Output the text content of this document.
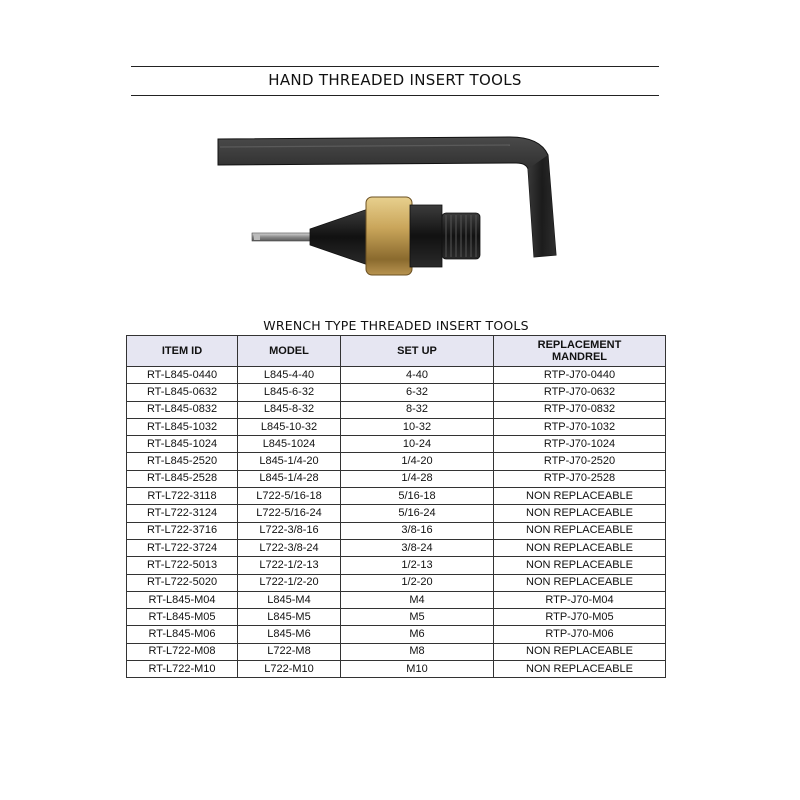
HAND THREADED INSERT TOOLS
WRENCH TYPE THREADED INSERT TOOLS
ITEM ID	MODEL	SET UP	REPLACEMENT
MANDREL

RT-L845-0440	L845-4-40	4-40	RTP-J70-0440
RT-L845-0632	L845-6-32	6-32	RTP-J70-0632
RT-L845-0832	L845-8-32	8-32	RTP-J70-0832
RT-L845-1032	L845-10-32	10-32	RTP-J70-1032
RT-L845-1024	L845-1024	10-24	RTP-J70-1024
RT-L845-2520	L845-1/4-20	1/4-20	RTP-J70-2520
RT-L845-2528	L845-1/4-28	1/4-28	RTP-J70-2528
RT-L722-3118	L722-5/16-18	5/16-18	NON REPLACEABLE
RT-L722-3124	L722-5/16-24	5/16-24	NON REPLACEABLE
RT-L722-3716	L722-3/8-16	3/8-16	NON REPLACEABLE
RT-L722-3724	L722-3/8-24	3/8-24	NON REPLACEABLE
RT-L722-5013	L722-1/2-13	1/2-13	NON REPLACEABLE
RT-L722-5020	L722-1/2-20	1/2-20	NON REPLACEABLE
RT-L845-M04	L845-M4	M4	RTP-J70-M04
RT-L845-M05	L845-M5	M5	RTP-J70-M05
RT-L845-M06	L845-M6	M6	RTP-J70-M06
RT-L722-M08	L722-M8	M8	NON REPLACEABLE
RT-L722-M10	L722-M10	M10	NON REPLACEABLE
